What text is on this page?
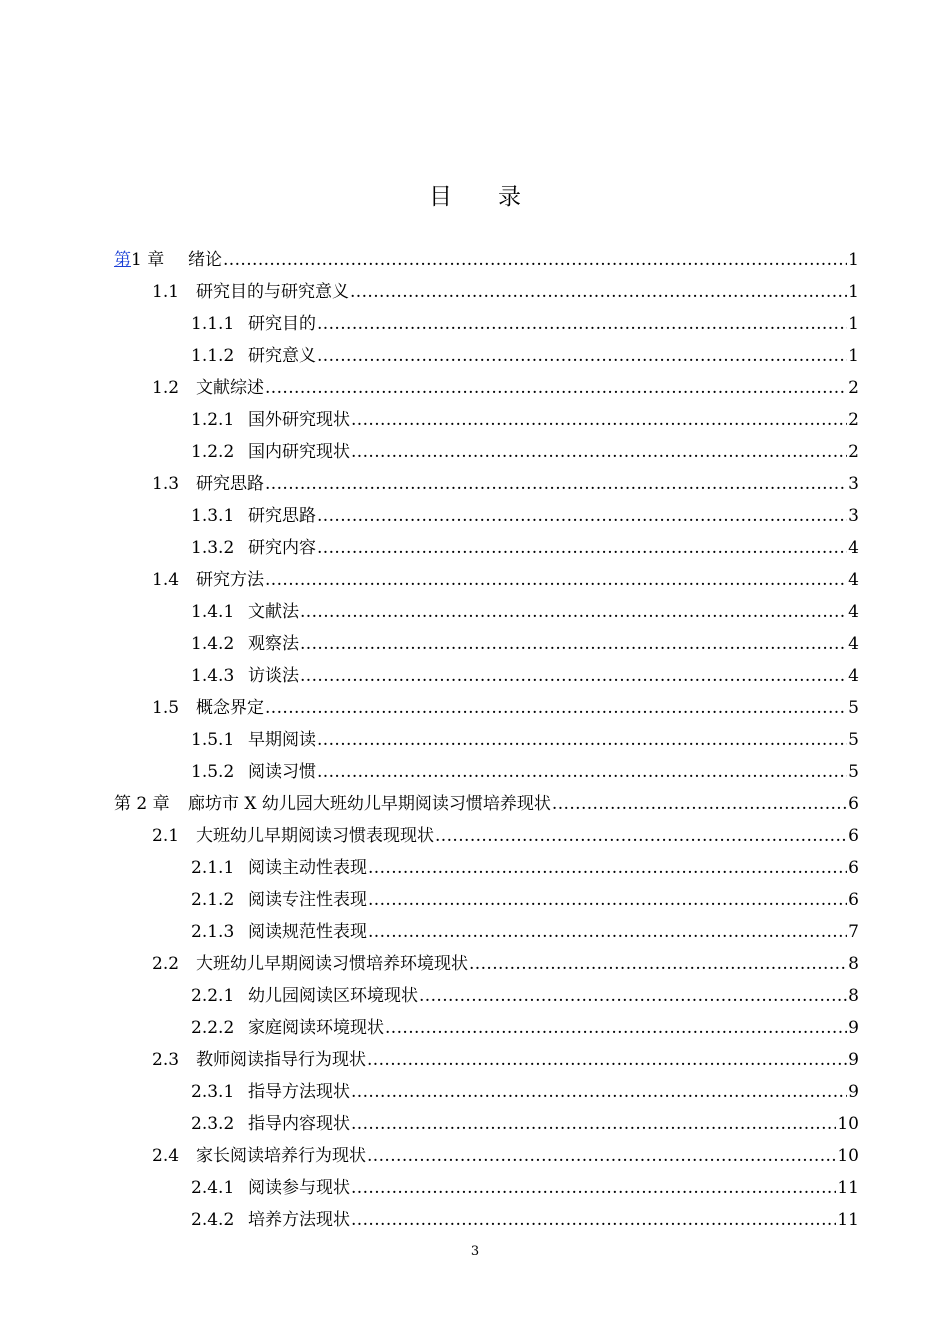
目 录
第1 章	绪论 .....	1
1.1 研究目的与研究意义 .....	1
1.1.1 研究目的 .....	1
1.1.2 研究意义 .....	1
1.2 文献综述 .....	2
1.2.1 国外研究现状 .....	2
1.2.2 国内研究现状 .....	2
1.3 研究思路 .....	3
1.3.1 研究思路 .....	3
1.3.2 研究内容 .....	4
1.4 研究方法 .....	4
1.4.1 文献法 .....	4
1.4.2 观察法 .....	4
1.4.3 访谈法 .....	4
1.5 概念界定 .....	5
1.5.1 早期阅读 .....	5
1.5.2 阅读习惯 .....	5
第 2 章	廊坊市 X 幼儿园大班幼儿早期阅读习惯培养现状 .....	6
2.1 大班幼儿早期阅读习惯表现现状 .....	6
2.1.1 阅读主动性表现 .....	6
2.1.2 阅读专注性表现 .....	6
2.1.3 阅读规范性表现 .....	7
2.2 大班幼儿早期阅读习惯培养环境现状 .....	8
2.2.1 幼儿园阅读区环境现状 .....	8
2.2.2 家庭阅读环境现状 .....	9
2.3 教师阅读指导行为现状 .....	9
2.3.1 指导方法现状 .....	9
2.3.2 指导内容现状 .....	10
2.4 家长阅读培养行为现状 .....	10
2.4.1 阅读参与现状 .....	11
2.4.2 培养方法现状 .....	11
3
